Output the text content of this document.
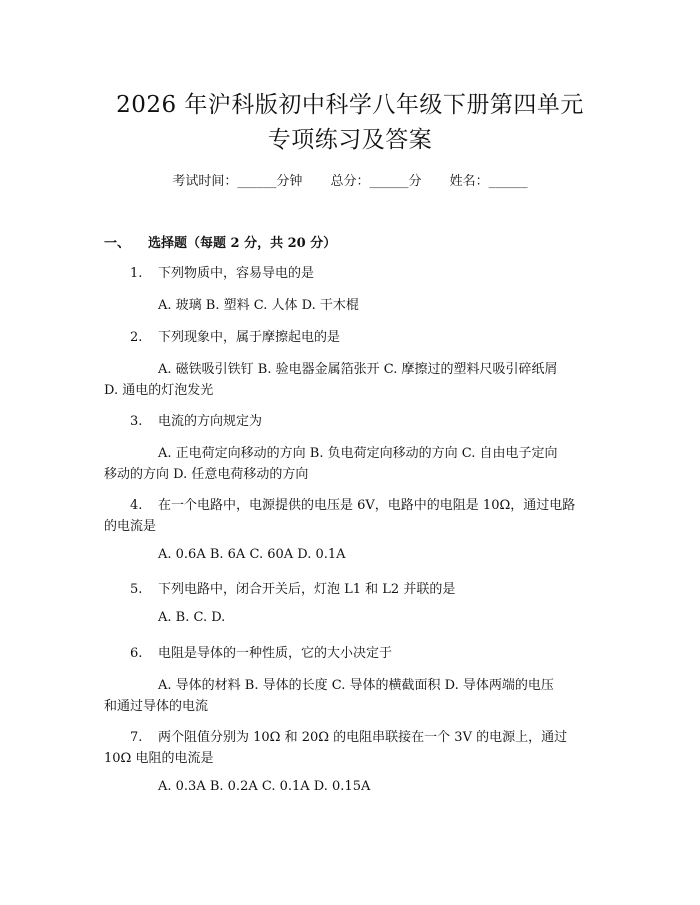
2026 年沪科版初中科学八年级下册第四单元
专项练习及答案
考试时间：______分钟 总分：______分 姓名：______
一、 选择题（每题 2 分，共 20 分）
1. 下列物质中，容易导电的是
A. 玻璃 B. 塑料 C. 人体 D. 干木棍
2. 下列现象中，属于摩擦起电的是
A. 磁铁吸引铁钉 B. 验电器金属箔张开 C. 摩擦过的塑料尺吸引碎纸屑
D. 通电的灯泡发光
3. 电流的方向规定为
A. 正电荷定向移动的方向 B. 负电荷定向移动的方向 C. 自由电子定向
移动的方向 D. 任意电荷移动的方向
4. 在一个电路中，电源提供的电压是 6V，电路中的电阻是 10Ω，通过电路
的电流是
A. 0.6A B. 6A C. 60A D. 0.1A
5. 下列电路中，闭合开关后，灯泡 L1 和 L2 并联的是
A. B. C. D.
6. 电阻是导体的一种性质，它的大小决定于
A. 导体的材料 B. 导体的长度 C. 导体的横截面积 D. 导体两端的电压
和通过导体的电流
7. 两个阻值分别为 10Ω 和 20Ω 的电阻串联接在一个 3V 的电源上，通过
10Ω 电阻的电流是
A. 0.3A B. 0.2A C. 0.1A D. 0.15A
